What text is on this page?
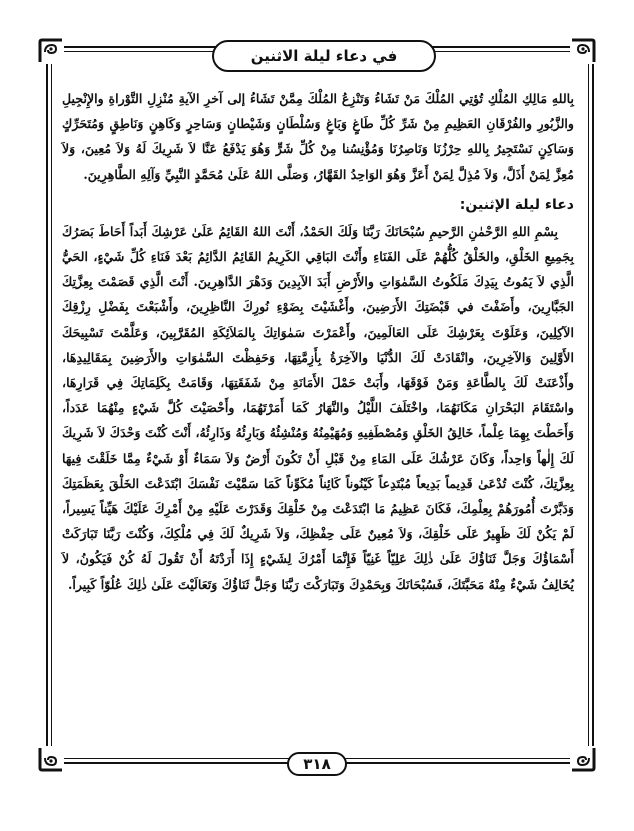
في دعاء ليلة الاثنين

بِاللهِ مَالِكِ المُلْكِ تُؤتِي المُلْكَ مَنْ تَشَاءُ وَتَنْزِعُ المُلْكَ مِمَّنْ تَشَاءُ إلى آخرِ الآيةِ مُنْزِلِ التَّوْراةِ والإِنْجِيلِ والزَّبُورِ والفُرْقَانِ العَظِيمِ مِنْ شَرِّ كُلِّ طَاغٍ وَبَاغٍ وَسُلْطَانٍ وَشَيْطانٍ وَسَاحِرٍ وَكَاهِنٍ وَنَاطِقٍ وَمُتَحَرِّكٍ وَسَاكِنٍ نَسْتَجِيرُ بِاللهِ حِرْزُنَا وَنَاصِرُنَا وَمُؤْنِسُنا مِنْ كُلِّ شَرٍّ وَهُوَ يَدْفَعُ عَنَّا لاَ شَرِيكَ لَهُ وَلاَ مُعِينَ، وَلاَ مُعِزَّ لِمَنْ أَذَلَّ، وَلاَ مُذِلَّ لِمَنْ أَعَزَّ وَهُوَ الوَاحِدُ القَهَّارُ، وَصَلَّى اللهُ عَلَىٰ مُحَمَّدٍ النَّبِيِّ وَآلِهِ الطَّاهِرِينَ.

دعاء ليلة الإثنين:

بِسْمِ اللهِ الرَّحْمٰنِ الرَّحيمِ سُبْحَانَكَ رَبَّنَا وَلَكَ الحَمْدُ، أَنْتَ اللهُ القَائِمُ عَلَىٰ عَرْشِكَ أَبَداً أَحَاطَ بَصَرُكَ بِجَمِيعِ الخَلْقِ، والخَلْقُ كُلُّهُمْ عَلَى الفَنَاءِ وأَنْتَ البَاقِي الكَرِيمُ القَائِمُ الدَّائِمُ بَعْدَ فَنَاءِ كُلِّ شَيْءٍ، الحَيُّ الَّذِي لاَ يَمُوتُ بِيَدِكَ مَلَكُوتُ السَّمٰوَاتِ والأَرْضِ أَبَدَ الآبِدِينَ وَدَهْرَ الدَّاهِرِينَ. أَنْتَ الَّذِي قَصَمْتَ بِعِزَّتِكَ الجَبَّارِينَ، وأَضَفْتَ في قَبْضَتِكَ الأَرَضِينَ، وأَغْشَيْتَ بِضَوْءِ نُورِكَ النَّاظِرِينَ، وأَشْبَعْتَ بِفَضْلِ رِزْقِكَ الآكِلِينَ، وَعَلَوْتَ بِعَرْشِكَ عَلَى العَالَمِينَ، وأَعْمَرْتَ سَمٰوَاتِكَ بِالمَلاَئِكَةِ المُقَرَّبِينَ، وَعَلَّمْتَ تَسْبِيحَكَ الأَوَّلِينَ وَالآخِرِينَ، وانْقَادَتْ لَكَ الدُّنْيَا والآخِرَةُ بِأَزِمَّتِهَا، وَحَفِظْتَ السَّمٰوَاتِ والأَرَضِينَ بِمَقَالِيدِهَا، وأَذْعَنَتْ لَكَ بِالطَّاعَةِ وَمَنْ فَوْقَهَا، وأَبَتْ حَمْلَ الأَمَانَةِ مِنْ شَفَقَتِهَا، وَقَامَتْ بِكَلِمَاتِكَ فِي قَرَارِهَا، واسْتَقَامَ البَحْرَانِ مَكَانَهُمَا، واخْتَلَفَ اللَّيْلُ والنَّهَارُ كَمَا أَمَرْتَهُمَا، وأَحْصَيْتَ كُلَّ شَيْءٍ مِنْهُمَا عَدَداً، وَأَحَطْتَ بِهِمَا عِلْماً، خَالِقُ الخَلْقِ وَمُصْطَفِيهِ وَمُهَيْمِنُهُ وَمُنْشِئُهُ وَبَارِئُهُ وَذَارِئُهُ، أَنْتَ كُنْتَ وَحْدَكَ لاَ شَرِيكَ لَكَ إِلٰهاً وَاحِداً، وَكَانَ عَرْشُكَ عَلَى المَاءِ مِنْ قَبْلِ أَنْ تَكُونَ أَرْضٌ وَلاَ سَمَاءٌ أَوْ شَيْءٌ مِمَّا خَلَقْتَ فِيهَا بِعِزَّتِكَ، كُنْتَ تُدْعَىٰ قَدِيماً بَدِيعاً مُبْتَدِعاً كَيْنُوناً كَائِناً مُكَوِّناً كَمَا سَمَّيْتَ نَفْسَكَ ابْتَدَعْتَ الخَلْقَ بِعَظَمَتِكَ وَدَبَّرْتَ أُمُورَهُمْ بِعِلْمِكَ، فَكَانَ عَظِيمُ مَا ابْتَدَعْتَ مِنْ خَلْقِكَ وَقَدَرْتَ عَلَيْهِ مِنْ أَمْرِكَ عَلَيْكَ هَيِّناً يَسِيراً، لَمْ يَكُنْ لَكَ ظَهِيرٌ عَلَى خَلْقِكَ، وَلاَ مُعِينٌ عَلَى حِفْظِكَ، وَلاَ شَرِيكٌ لَكَ فِي مُلْكِكَ، وَكُنْتَ رَبَّنَا تَبَارَكَتْ أَسْمَاؤُكَ وَجَلَّ ثَنَاؤُكَ عَلَىٰ ذٰلِكَ عَلِيّاً غَنِيّاً فَإِنَّمَا أَمْرُكَ لِشَيْءٍ إِذَا أَرَدْتَهُ أَنْ تَقُولَ لَهُ كُنْ فَيَكُونُ، لاَ يُخَالِفُ شَيْءٌ مِنْهُ مَحَبَّتَكَ، فَسُبْحَانَكَ وَبِحَمْدِكَ وَتَبَارَكْتَ رَبَّنَا وَجَلَّ ثَنَاؤُكَ وَتَعَالَيْتَ عَلَىٰ ذٰلِكَ عُلُوّاً كَبِيراً.

٣١٨
